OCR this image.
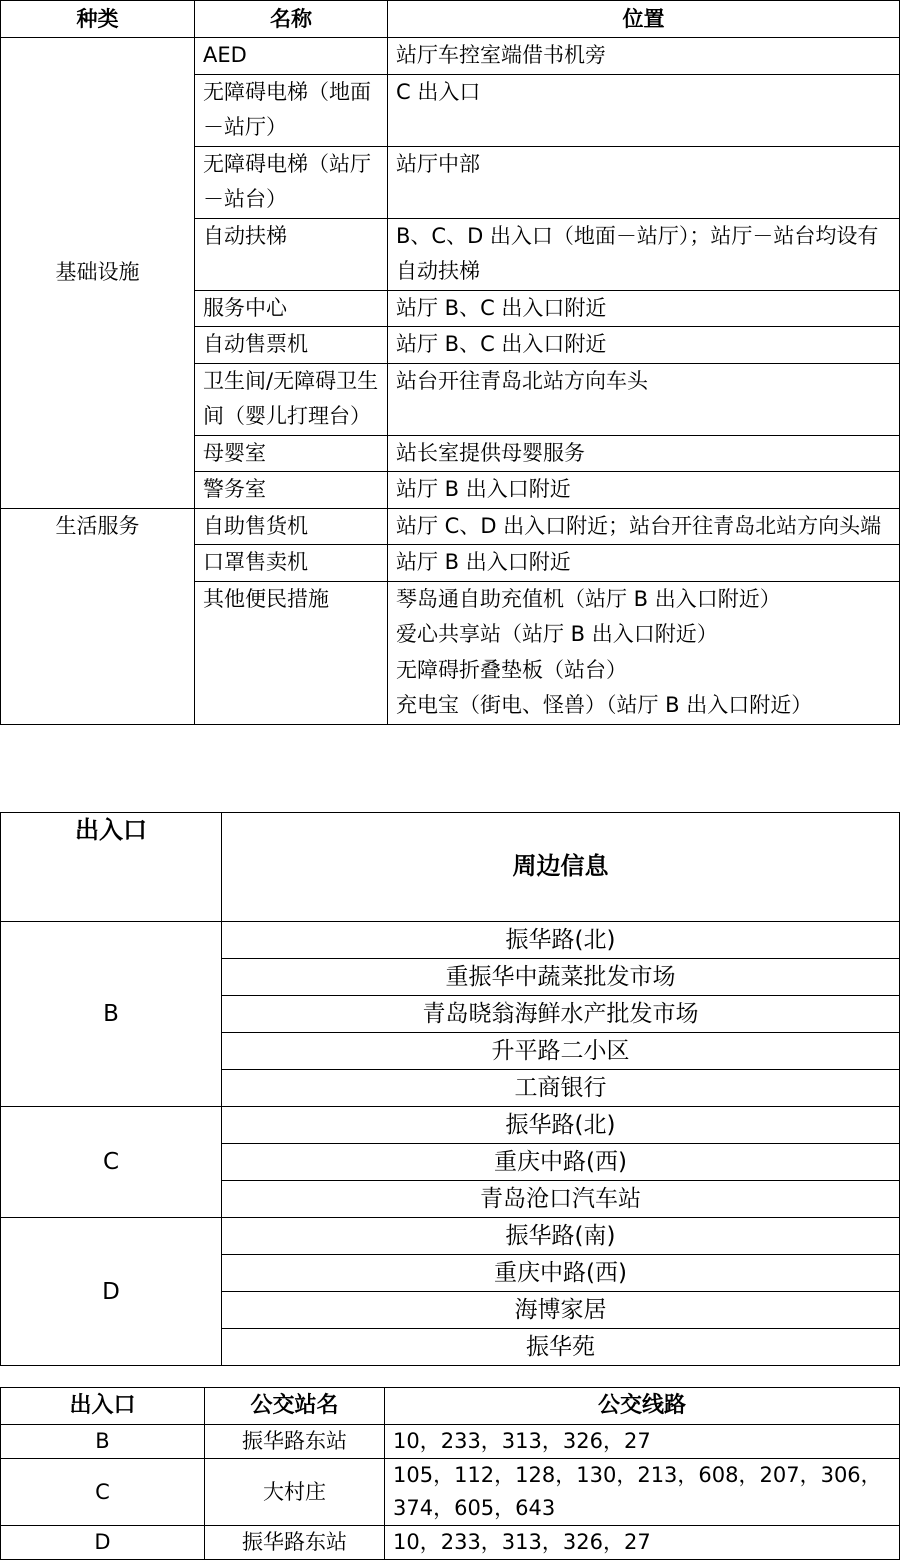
种类	名称	位置
基础设施	AED	站厅车控室端借书机旁
	无障碍电梯（地面－站厅）	C 出入口
	无障碍电梯（站厅－站台）	站厅中部
	自动扶梯	B、C、D 出入口（地面－站厅）；站厅－站台均设有自动扶梯
	服务中心	站厅 B、C 出入口附近
	自动售票机	站厅 B、C 出入口附近
	卫生间/无障碍卫生间（婴儿打理台）	站台开往青岛北站方向车头
	母婴室	站长室提供母婴服务
	警务室	站厅 B 出入口附近
生活服务	自助售货机	站厅 C、D 出入口附近；站台开往青岛北站方向头端
	口罩售卖机	站厅 B 出入口附近
	其他便民措施	琴岛通自助充值机（站厅 B 出入口附近）
爱心共享站（站厅 B 出入口附近）
无障碍折叠垫板（站台）
充电宝（街电、怪兽）（站厅 B 出入口附近）
出入口	周边信息
B	振华路(北)
	重振华中蔬菜批发市场
	青岛晓翁海鲜水产批发市场
	升平路二小区
	工商银行
C	振华路(北)
	重庆中路(西)
	青岛沧口汽车站
D	振华路(南)
	重庆中路(西)
	海博家居
	振华苑
出入口	公交站名	公交线路
B	振华路东站	10，233，313，326，27
C	大村庄	105，112，128，130，213，608，207，306，374，605，643
D	振华路东站	10，233，313，326，27
